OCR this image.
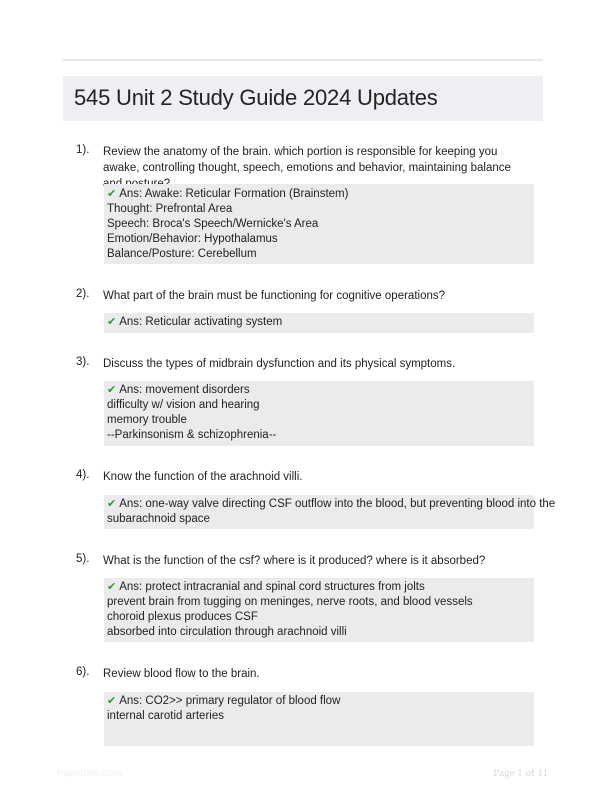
545 Unit 2 Study Guide 2024 Updates
1). Review the anatomy of the brain. which portion is responsible for keeping you awake, controlling thought, speech, emotions and behavior, maintaining balance
✔ Ans: Awake: Reticular Formation (Brainstem)
Thought: Prefrontal Area
Speech: Broca's Speech/Wernicke's Area
Emotion/Behavior: Hypothalamus
Balance/Posture: Cerebellum
2). What part of the brain must be functioning for cognitive operations?
✔ Ans: Reticular activating system
3). Discuss the types of midbrain dysfunction and its physical symptoms.
✔ Ans: movement disorders
difficulty w/ vision and hearing
memory trouble
--Parkinsonism & schizophrenia--
4). Know the function of the arachnoid villi.
✔ Ans: one-way valve directing CSF outflow into the blood, but preventing blood into the
subarachnoid space
5). What is the function of the csf? where is it produced? where is it absorbed?
✔ Ans: protect intracranial and spinal cord structures from jolts
prevent brain from tugging on meninges, nerve roots, and blood vessels
choroid plexus produces CSF
absorbed into circulation through arachnoid villi
6). Review blood flow to the brain.
✔ Ans: CO2>> primary regulator of blood flow
internal carotid arteries
Paperbite.com	Page 1 of 11
